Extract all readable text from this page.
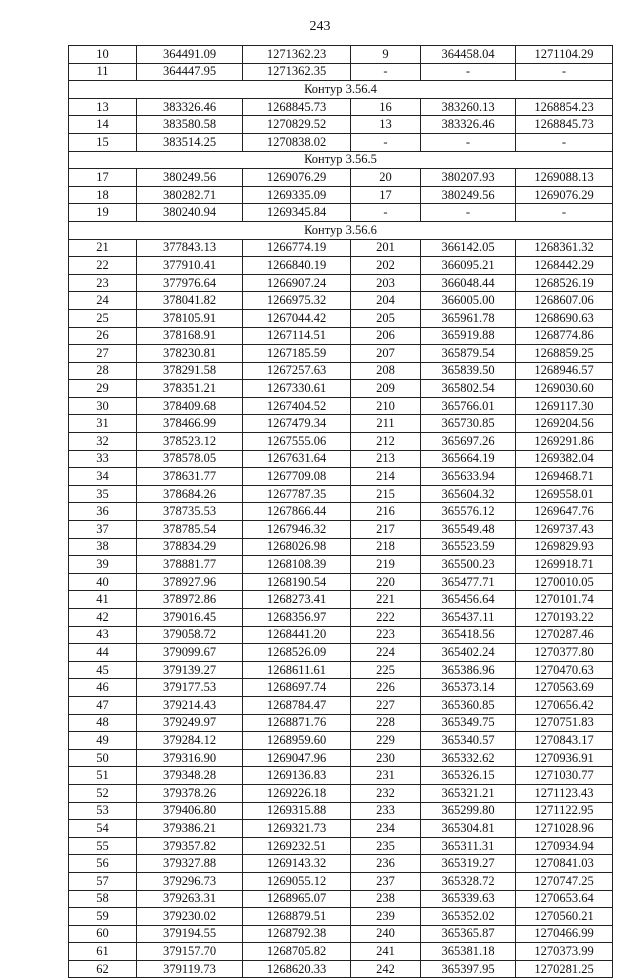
243
10	364491.09	1271362.23	9	364458.04	1271104.29
11	364447.95	1271362.35	-	-	-
Контур 3.56.4					
13	383326.46	1268845.73	16	383260.13	1268854.23
14	383580.58	1270829.52	13	383326.46	1268845.73
15	383514.25	1270838.02	-	-	-
Контур 3.56.5					
17	380249.56	1269076.29	20	380207.93	1269088.13
18	380282.71	1269335.09	17	380249.56	1269076.29
19	380240.94	1269345.84	-	-	-
Контур 3.56.6					
21	377843.13	1266774.19	201	366142.05	1268361.32
22	377910.41	1266840.19	202	366095.21	1268442.29
23	377976.64	1266907.24	203	366048.44	1268526.19
24	378041.82	1266975.32	204	366005.00	1268607.06
25	378105.91	1267044.42	205	365961.78	1268690.63
26	378168.91	1267114.51	206	365919.88	1268774.86
27	378230.81	1267185.59	207	365879.54	1268859.25
28	378291.58	1267257.63	208	365839.50	1268946.57
29	378351.21	1267330.61	209	365802.54	1269030.60
30	378409.68	1267404.52	210	365766.01	1269117.30
31	378466.99	1267479.34	211	365730.85	1269204.56
32	378523.12	1267555.06	212	365697.26	1269291.86
33	378578.05	1267631.64	213	365664.19	1269382.04
34	378631.77	1267709.08	214	365633.94	1269468.71
35	378684.26	1267787.35	215	365604.32	1269558.01
36	378735.53	1267866.44	216	365576.12	1269647.76
37	378785.54	1267946.32	217	365549.48	1269737.43
38	378834.29	1268026.98	218	365523.59	1269829.93
39	378881.77	1268108.39	219	365500.23	1269918.71
40	378927.96	1268190.54	220	365477.71	1270010.05
41	378972.86	1268273.41	221	365456.64	1270101.74
42	379016.45	1268356.97	222	365437.11	1270193.22
43	379058.72	1268441.20	223	365418.56	1270287.46
44	379099.67	1268526.09	224	365402.24	1270377.80
45	379139.27	1268611.61	225	365386.96	1270470.63
46	379177.53	1268697.74	226	365373.14	1270563.69
47	379214.43	1268784.47	227	365360.85	1270656.42
48	379249.97	1268871.76	228	365349.75	1270751.83
49	379284.12	1268959.60	229	365340.57	1270843.17
50	379316.90	1269047.96	230	365332.62	1270936.91
51	379348.28	1269136.83	231	365326.15	1271030.77
52	379378.26	1269226.18	232	365321.21	1271123.43
53	379406.80	1269315.88	233	365299.80	1271122.95
54	379386.21	1269321.73	234	365304.81	1271028.96
55	379357.82	1269232.51	235	365311.31	1270934.94
56	379327.88	1269143.32	236	365319.27	1270841.03
57	379296.73	1269055.12	237	365328.72	1270747.25
58	379263.31	1268965.07	238	365339.63	1270653.64
59	379230.02	1268879.51	239	365352.02	1270560.21
60	379194.55	1268792.38	240	365365.87	1270466.99
61	379157.70	1268705.82	241	365381.18	1270373.99
62	379119.73	1268620.33	242	365397.95	1270281.25
